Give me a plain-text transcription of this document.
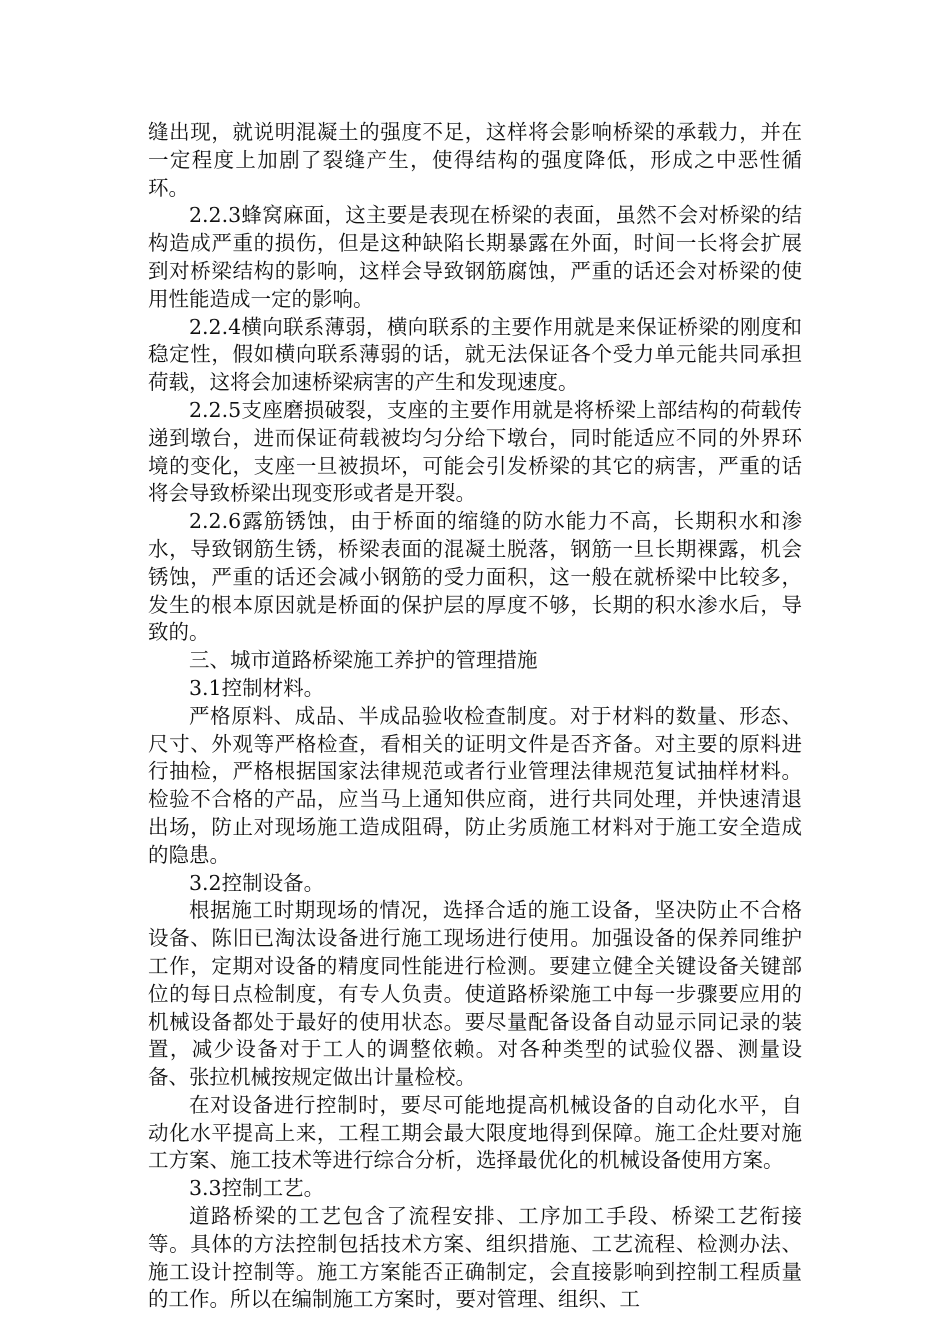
缝出现，就说明混凝土的强度不足，这样将会影响桥梁的承载力，并在一定程度上加剧了裂缝产生，使得结构的强度降低，形成之中恶性循环。

2.2.3蜂窝麻面，这主要是表现在桥梁的表面，虽然不会对桥梁的结构造成严重的损伤，但是这种缺陷长期暴露在外面，时间一长将会扩展到对桥梁结构的影响，这样会导致钢筋腐蚀，严重的话还会对桥梁的使用性能造成一定的影响。

2.2.4横向联系薄弱，横向联系的主要作用就是来保证桥梁的刚度和稳定性，假如横向联系薄弱的话，就无法保证各个受力单元能共同承担荷载，这将会加速桥梁病害的产生和发现速度。

2.2.5支座磨损破裂，支座的主要作用就是将桥梁上部结构的荷载传递到墩台，进而保证荷载被均匀分给下墩台，同时能适应不同的外界环境的变化，支座一旦被损坏，可能会引发桥梁的其它的病害，严重的话将会导致桥梁出现变形或者是开裂。

2.2.6露筋锈蚀，由于桥面的缩缝的防水能力不高，长期积水和渗水，导致钢筋生锈，桥梁表面的混凝土脱落，钢筋一旦长期裸露，机会锈蚀，严重的话还会减小钢筋的受力面积，这一般在就桥梁中比较多，发生的根本原因就是桥面的保护层的厚度不够，长期的积水渗水后，导致的。

三、城市道路桥梁施工养护的管理措施

3.1控制材料。

严格原料、成品、半成品验收检查制度。对于材料的数量、形态、尺寸、外观等严格检查，看相关的证明文件是否齐备。对主要的原料进行抽检，严格根据国家法律规范或者行业管理法律规范复试抽样材料。检验不合格的产品，应当马上通知供应商，进行共同处理，并快速清退出场，防止对现场施工造成阻碍，防止劣质施工材料对于施工安全造成的隐患。

3.2控制设备。

根据施工时期现场的情况，选择合适的施工设备，坚决防止不合格设备、陈旧已淘汰设备进行施工现场进行使用。加强设备的保养同维护工作，定期对设备的精度同性能进行检测。要建立健全关键设备关键部位的每日点检制度，有专人负责。使道路桥梁施工中每一步骤要应用的机械设备都处于最好的使用状态。要尽量配备设备自动显示同记录的装置，减少设备对于工人的调整依赖。对各种类型的试验仪器、测量设备、张拉机械按规定做出计量检校。

在对设备进行控制时，要尽可能地提高机械设备的自动化水平，自动化水平提高上来，工程工期会最大限度地得到保障。施工企灶要对施工方案、施工技术等进行综合分析，选择最优化的机械设备使用方案。

3.3控制工艺。

道路桥梁的工艺包含了流程安排、工序加工手段、桥梁工艺衔接等。具体的方法控制包括技术方案、组织措施、工艺流程、检测办法、施工设计控制等。施工方案能否正确制定，会直接影响到控制工程质量的工作。所以在编制施工方案时，要对管理、组织、工
